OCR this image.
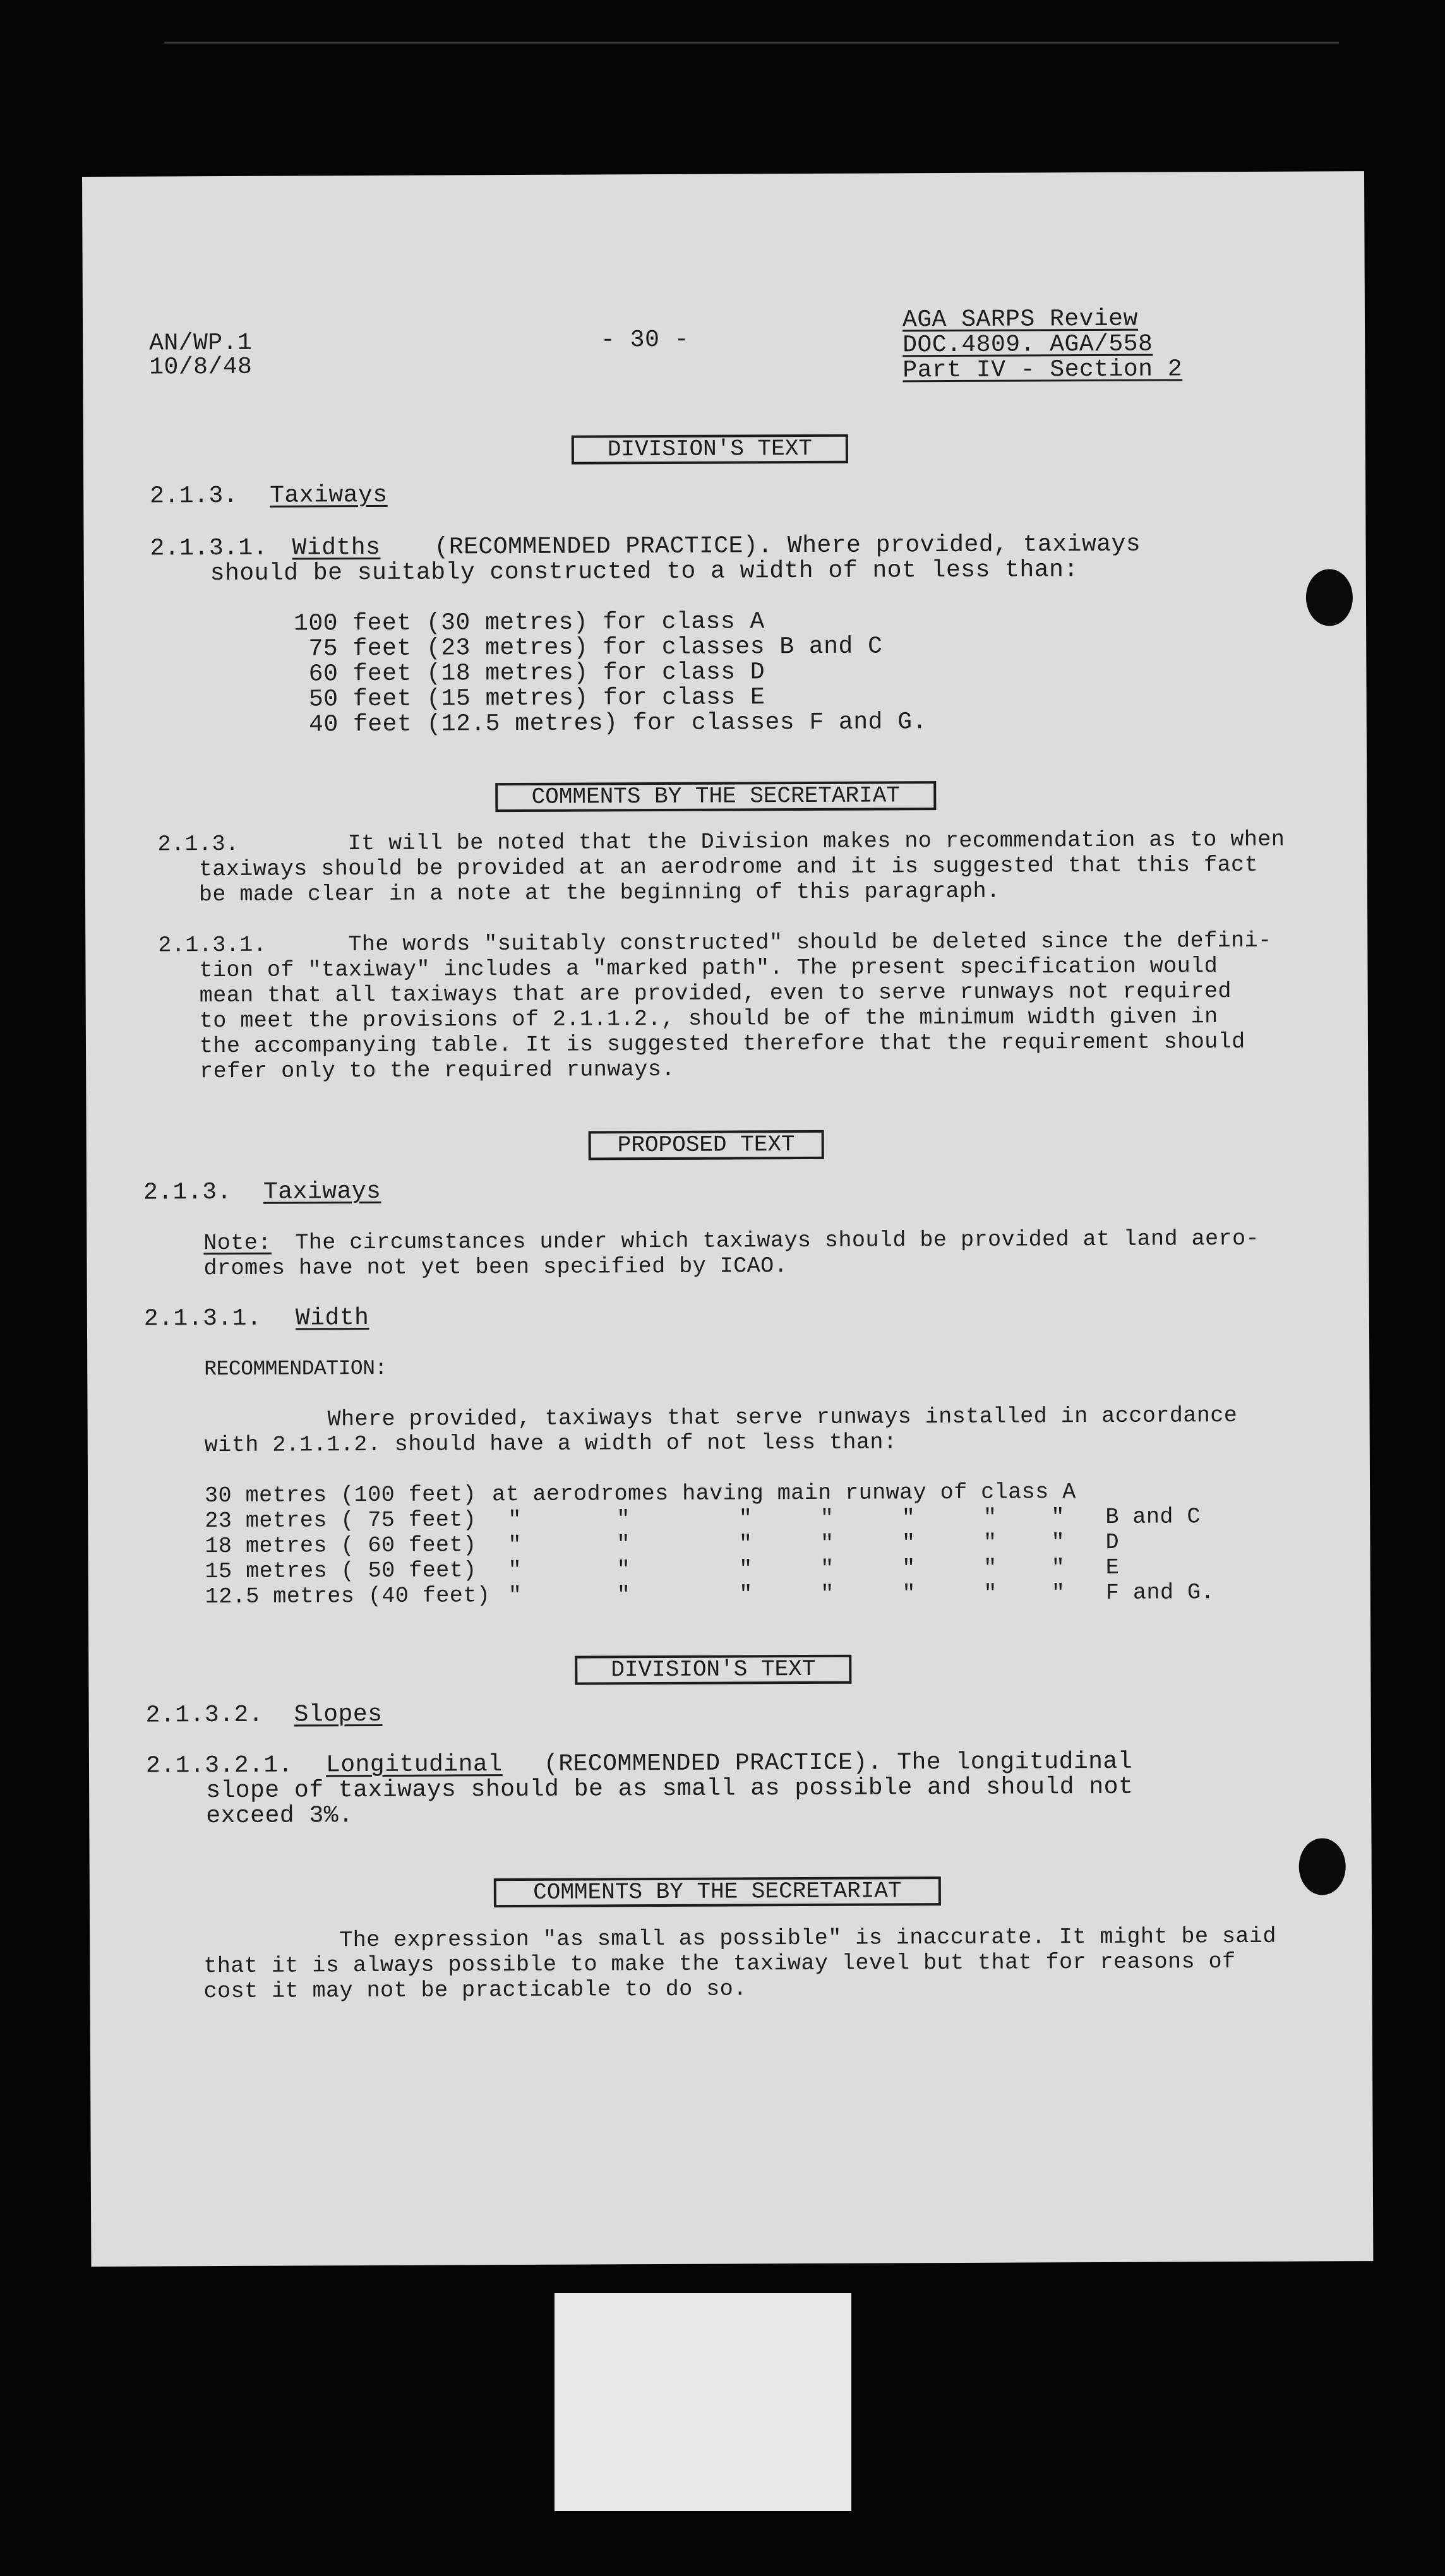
AN/WP.1
10/8/48
- 30 -
AGA SARPS Review
DOC.4809. AGA/558
Part IV - Section 2
DIVISION'S TEXT
2.1.3. Taxiways
2.1.3.1. Widths (RECOMMENDED PRACTICE). Where provided, taxiways
should be suitably constructed to a width of not less than:
100 feet (30 metres) for class A
75 feet (23 metres) for classes B and C
60 feet (18 metres) for class D
50 feet (15 metres) for class E
40 feet (12.5 metres) for classes F and G.
COMMENTS BY THE SECRETARIAT
2.1.3.        It will be noted that the Division makes no recommendation as to when
taxiways should be provided at an aerodrome and it is suggested that this fact
be made clear in a note at the beginning of this paragraph.
2.1.3.1.      The words "suitably constructed" should be deleted since the defini-
tion of "taxiway" includes a "marked path". The present specification would
mean that all taxiways that are provided, even to serve runways not required
to meet the provisions of 2.1.1.2., should be of the minimum width given in
the accompanying table. It is suggested therefore that the requirement should
refer only to the required runways.
PROPOSED TEXT
2.1.3. Taxiways
Note: The circumstances under which taxiways should be provided at land aero-
dromes have not yet been specified by ICAO.
2.1.3.1. Width
RECOMMENDATION:
Where provided, taxiways that serve runways installed in accordance
with 2.1.1.2. should have a width of not less than:
30 metres (100 feet) at aerodromes having main runway of class A
23 metres ( 75 feet) "       "        "     "     "     "    "   B and C
18 metres ( 60 feet) "       "        "     "     "     "    "   D
15 metres ( 50 feet) "       "        "     "     "     "    "   E
12.5 metres (40 feet) "       "        "     "     "     "    "   F and G.
DIVISION'S TEXT
2.1.3.2. Slopes
2.1.3.2.1. Longitudinal (RECOMMENDED PRACTICE). The longitudinal
slope of taxiways should be as small as possible and should not
exceed 3%.
COMMENTS BY THE SECRETARIAT
The expression "as small as possible" is inaccurate. It might be said
that it is always possible to make the taxiway level but that for reasons of
cost it may not be practicable to do so.
